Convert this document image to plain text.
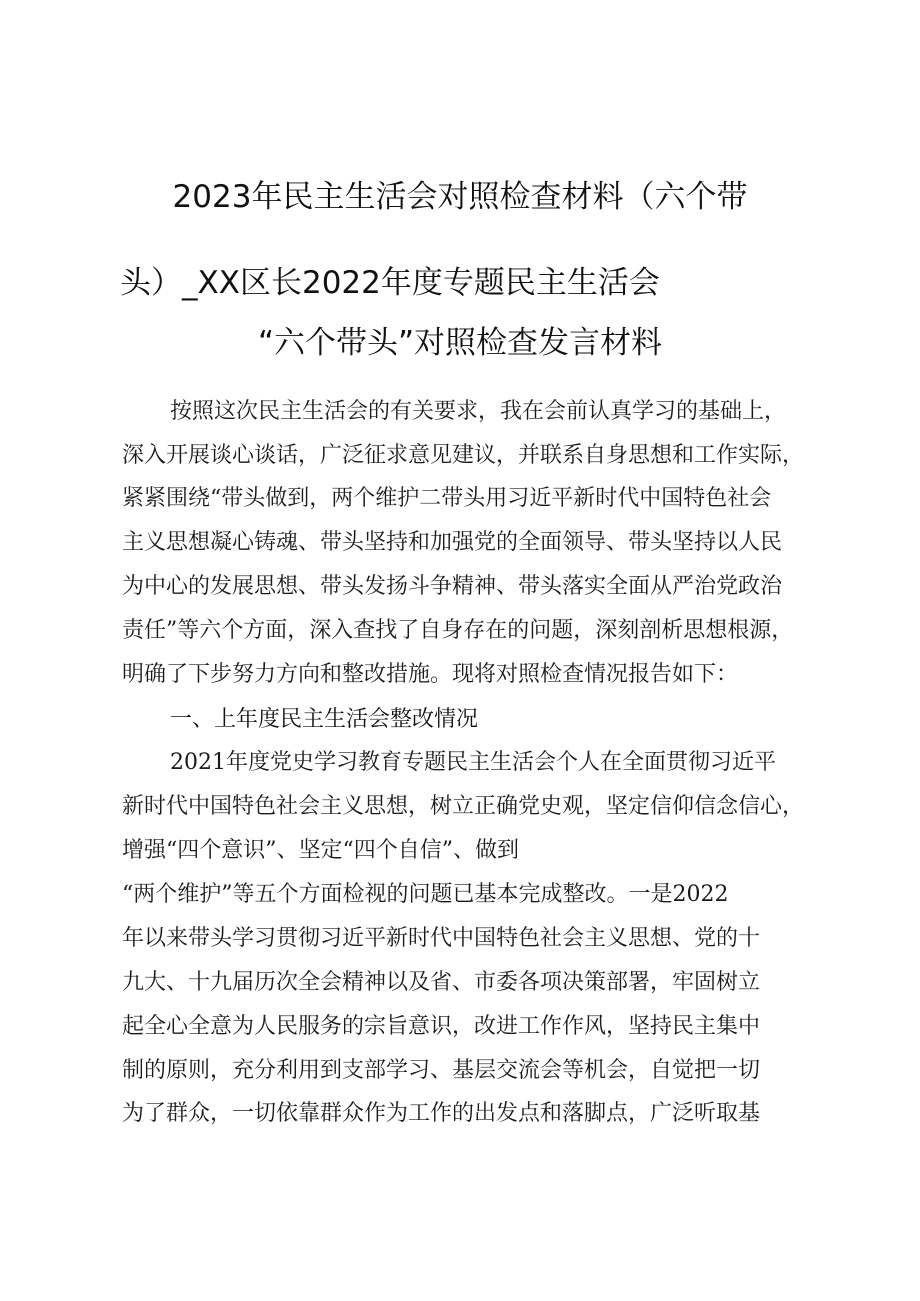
2023年民主生活会对照检查材料（六个带
头）_XX区长2022年度专题民主生活会
“六个带头”对照检查发言材料
按照这次民主生活会的有关要求，我在会前认真学习的基础上，
深入开展谈心谈话，广泛征求意见建议，并联系自身思想和工作实际，
紧紧围绕“带头做到，两个维护二带头用习近平新时代中国特色社会
主义思想凝心铸魂、带头坚持和加强党的全面领导、带头坚持以人民
为中心的发展思想、带头发扬斗争精神、带头落实全面从严治党政治
责任”等六个方面，深入查找了自身存在的问题，深刻剖析思想根源，
明确了下步努力方向和整改措施。现将对照检查情况报告如下：
一、上年度民主生活会整改情况
2021年度党史学习教育专题民主生活会个人在全面贯彻习近平
新时代中国特色社会主义思想，树立正确党史观，坚定信仰信念信心，
增强“四个意识”、坚定“四个自信”、做到
“两个维护”等五个方面检视的问题已基本完成整改。一是2022
年以来带头学习贯彻习近平新时代中国特色社会主义思想、党的十
九大、十九届历次全会精神以及省、市委各项决策部署，牢固树立
起全心全意为人民服务的宗旨意识，改进工作作风，坚持民主集中
制的原则，充分利用到支部学习、基层交流会等机会，自觉把一切
为了群众，一切依靠群众作为工作的出发点和落脚点，广泛听取基
